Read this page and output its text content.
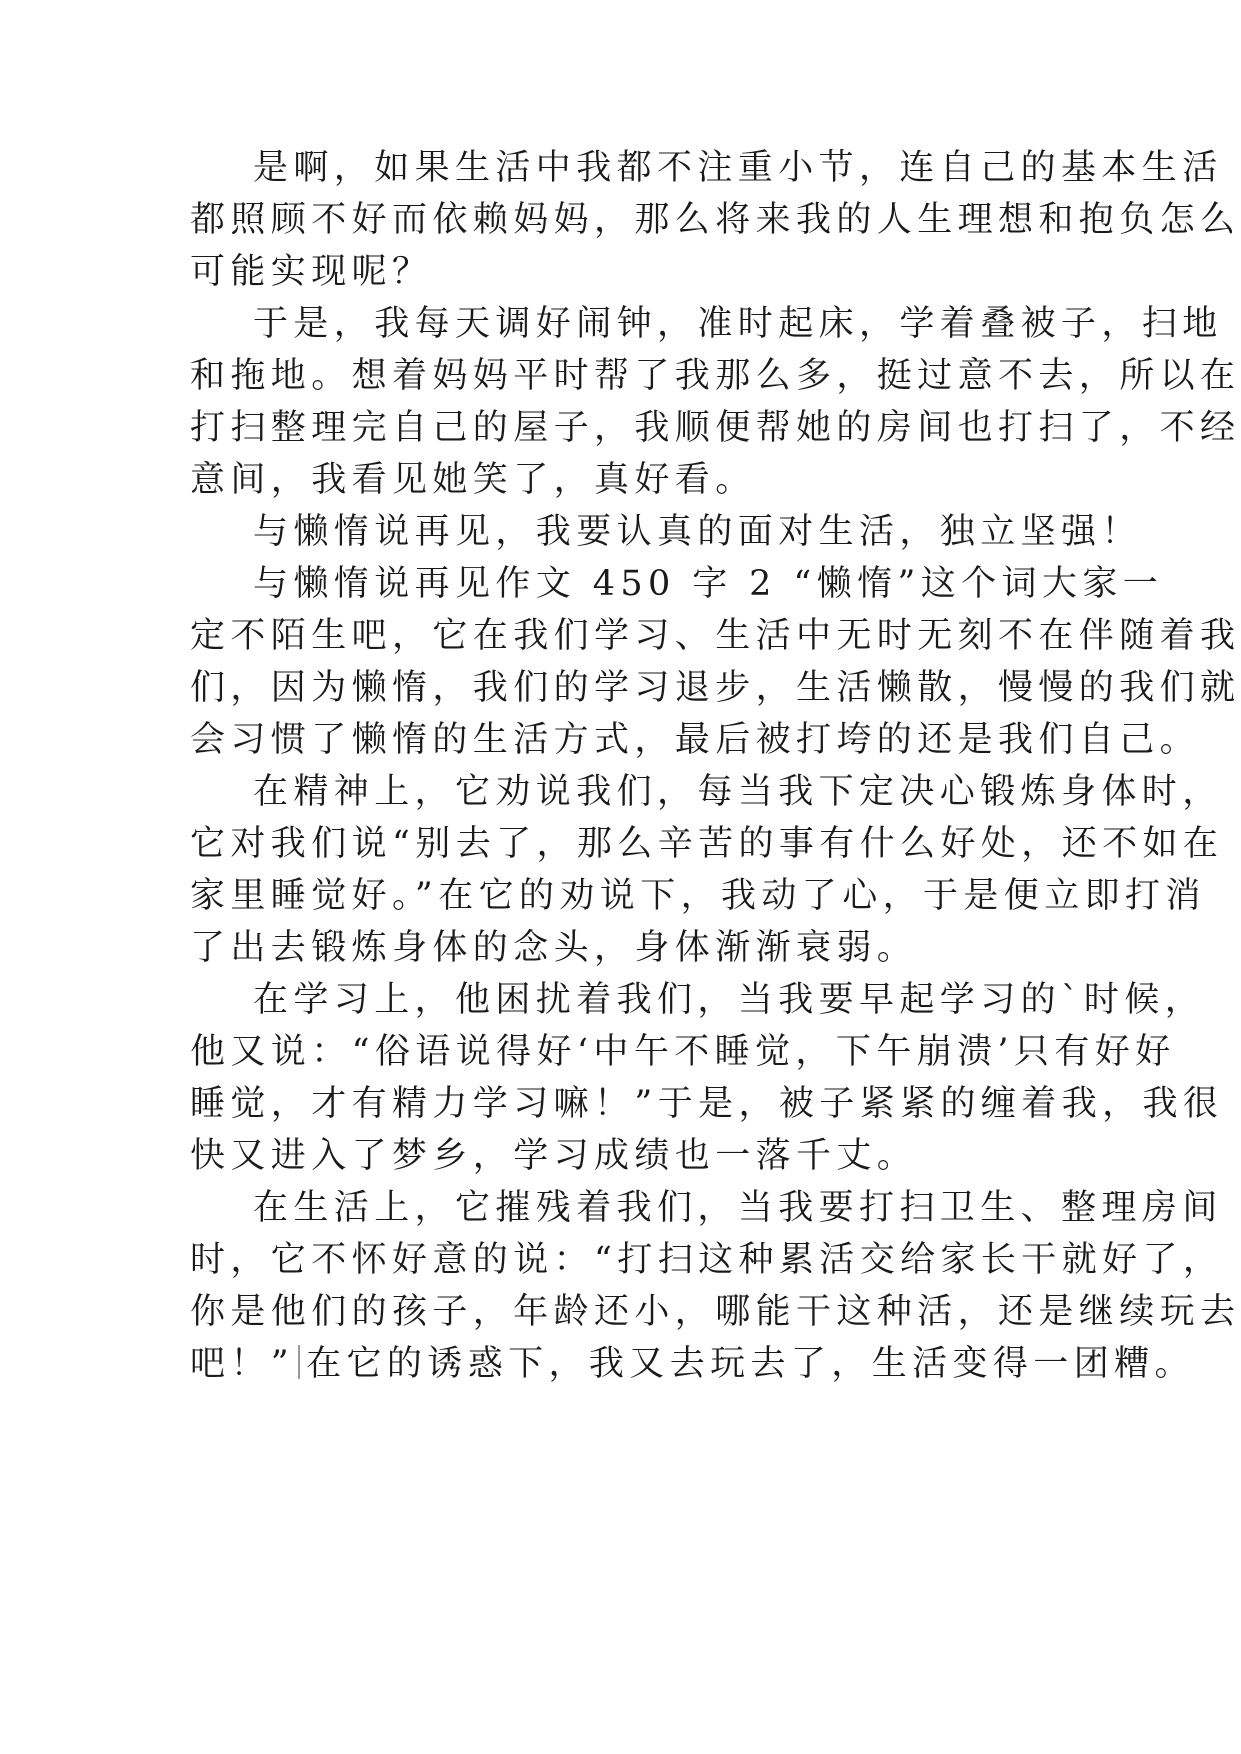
是啊，如果生活中我都不注重小节，连自己的基本生活
都照顾不好而依赖妈妈，那么将来我的人生理想和抱负怎么
可能实现呢？
于是，我每天调好闹钟，准时起床，学着叠被子，扫地
和拖地。想着妈妈平时帮了我那么多，挺过意不去，所以在
打扫整理完自己的屋子，我顺便帮她的房间也打扫了，不经
意间，我看见她笑了，真好看。
与懒惰说再见，我要认真的面对生活，独立坚强！
与懒惰说再见作文 450 字 2 “懒惰”这个词大家一
定不陌生吧，它在我们学习、生活中无时无刻不在伴随着我
们，因为懒惰，我们的学习退步，生活懒散，慢慢的我们就
会习惯了懒惰的生活方式，最后被打垮的还是我们自己。
在精神上，它劝说我们，每当我下定决心锻炼身体时，
它对我们说“别去了，那么辛苦的事有什么好处，还不如在
家里睡觉好。”在它的劝说下，我动了心，于是便立即打消
了出去锻炼身体的念头，身体渐渐衰弱。
在学习上，他困扰着我们，当我要早起学习的`时候，
他又说：“俗语说得好‘中午不睡觉，下午崩溃’只有好好
睡觉，才有精力学习嘛！”于是，被子紧紧的缠着我，我很
快又进入了梦乡，学习成绩也一落千丈。
在生活上，它摧残着我们，当我要打扫卫生、整理房间
时，它不怀好意的说：“打扫这种累活交给家长干就好了，
你是他们的孩子，年龄还小，哪能干这种活，还是继续玩去
吧！” 在它的诱惑下，我又去玩去了，生活变得一团糟。
